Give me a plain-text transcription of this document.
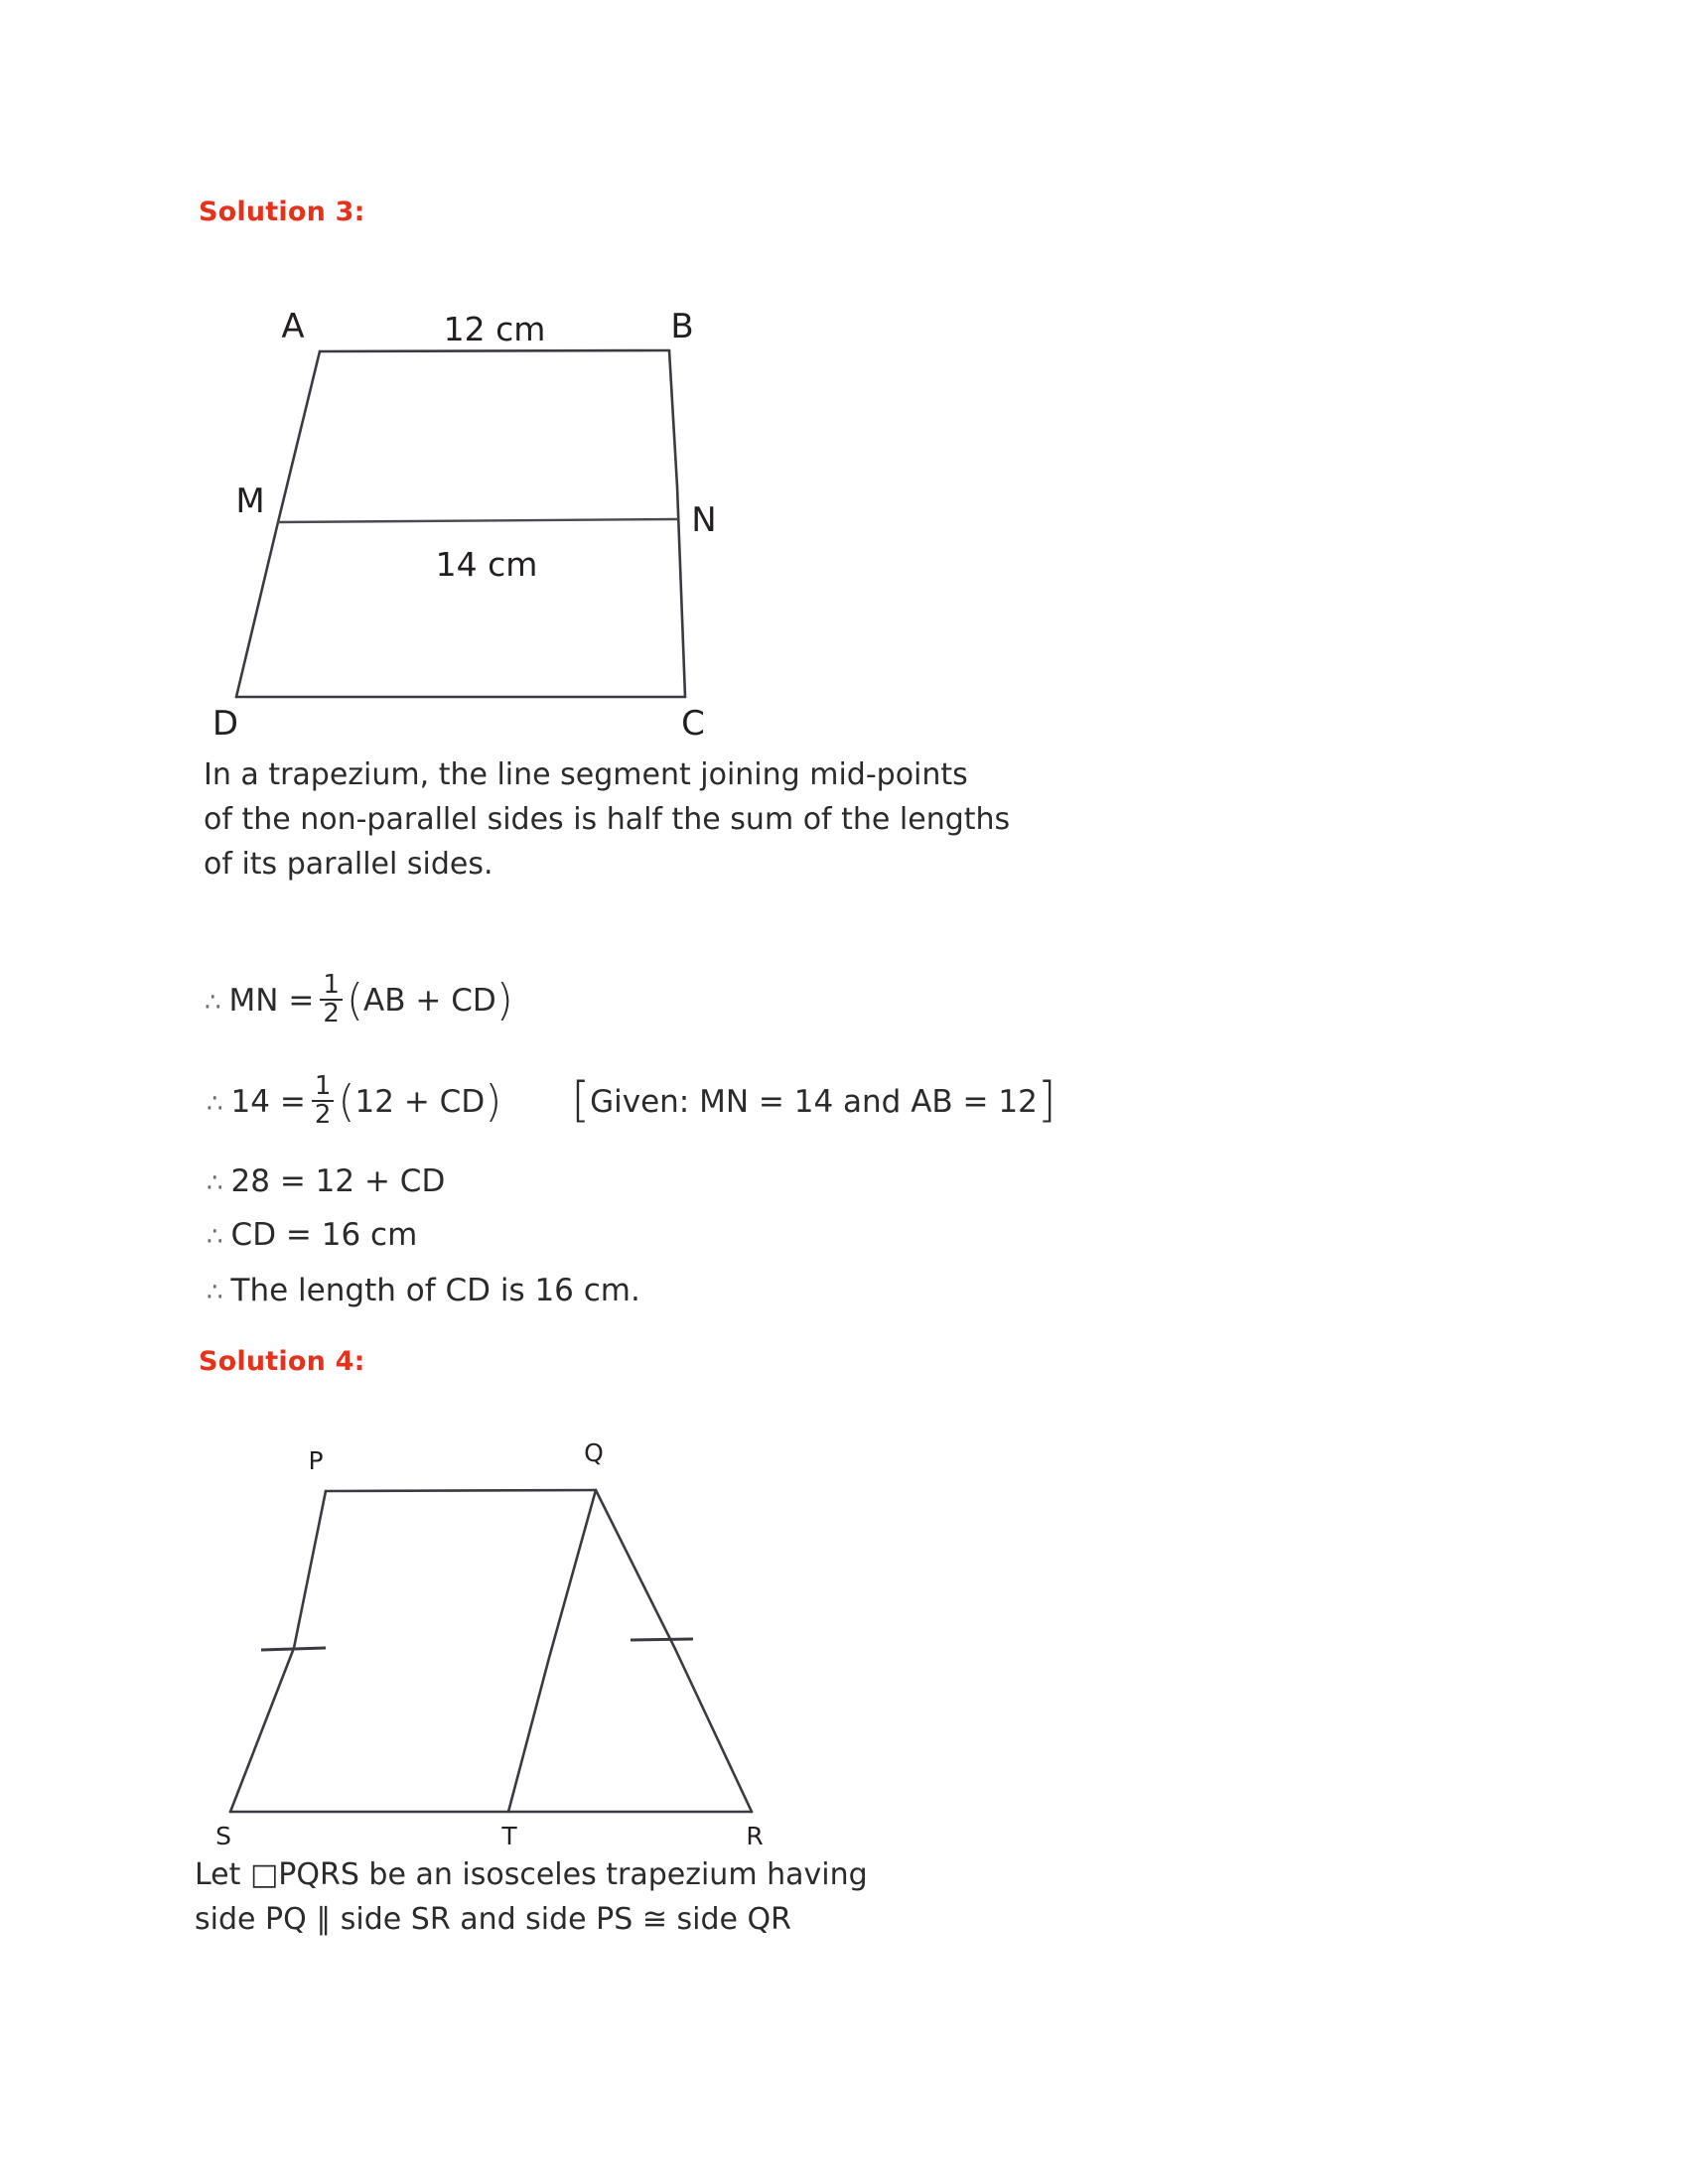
Solution 3:
A	B
N
M
D	C
12 cm
14 cm
In a trapezium, the line segment joining mid-points
of the non-parallel sides is half the sum of the lengths
of its parallel sides.
∴ MN = $\frac{1}{2}$ ( AB + CD )
∴ $14 = \frac{1}{2}$ ( 12 + CD ) [ Given: MN = 14 and AB = 12 ]
∴ 28 = 12 + CD
∴ CD = 16 cm
∴ The length of CD is 16 cm.
Solution 4:
P	Q
S	T	R
Let □PQRS be an isosceles trapezium having
side PQ ∥ side SR and side PS ≅ side QR
